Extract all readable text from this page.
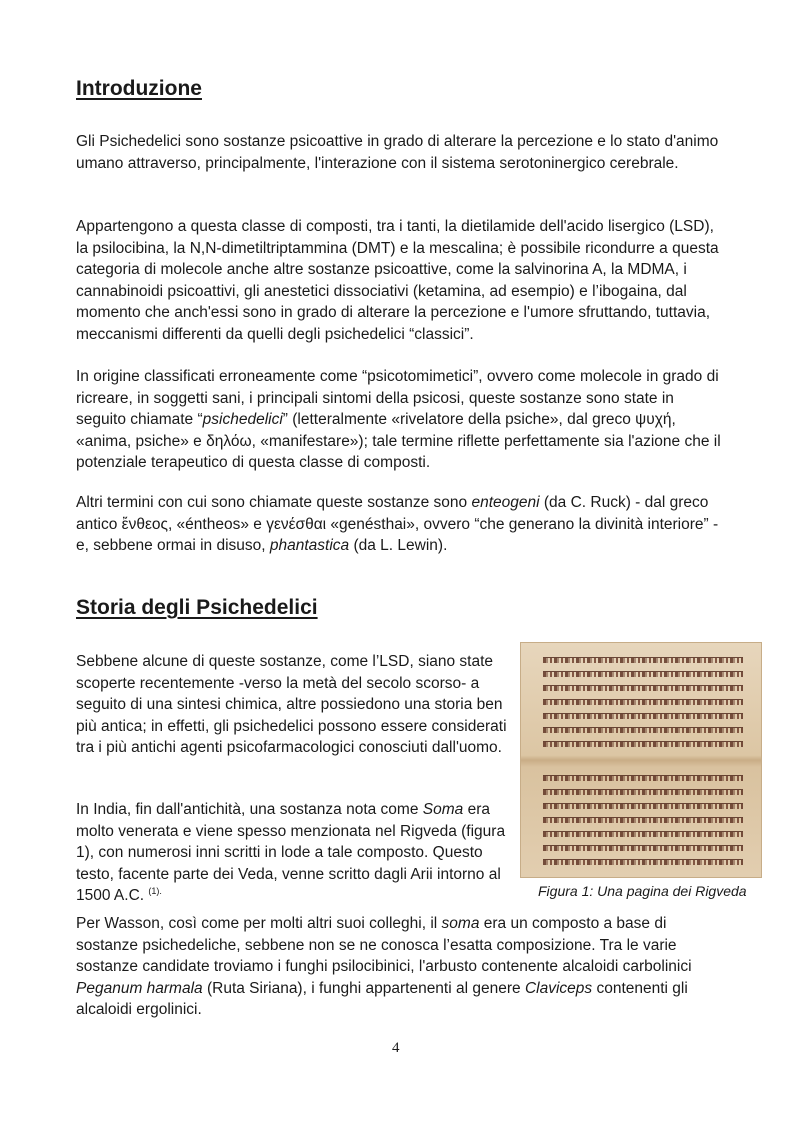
Introduzione

Gli Psichedelici sono sostanze psicoattive in grado di alterare la percezione e lo stato d'animo umano attraverso, principalmente, l'interazione con il sistema serotoninergico cerebrale.

Appartengono a questa classe di composti, tra i tanti, la dietilamide dell'acido lisergico (LSD), la psilocibina, la N,N-dimetiltriptammina (DMT) e la mescalina; è possibile ricondurre a questa categoria di molecole anche altre sostanze psicoattive, come la salvinorina A, la MDMA, i cannabinoidi psicoattivi, gli anestetici dissociativi (ketamina, ad esempio) e l’ibogaina, dal momento che anch'essi sono in grado di alterare la percezione e l'umore sfruttando, tuttavia, meccanismi differenti da quelli degli psichedelici “classici”.

In origine classificati erroneamente come “psicotomimetici”, ovvero come molecole in grado di ricreare, in soggetti sani, i principali sintomi della psicosi, queste sostanze sono state in seguito chiamate “psichedelici” (letteralmente «rivelatore della psiche», dal greco ψυχή, «anima, psiche» e δηλόω, «manifestare»); tale termine riflette perfettamente sia l'azione che il potenziale terapeutico di questa classe di composti.

Altri termini con cui sono chiamate queste sostanze sono enteogeni (da C. Ruck) - dal greco antico ἔνθεος, «éntheos» e γενέσθαι «genésthai», ovvero “che generano la divinità interiore” - e, sebbene ormai in disuso, phantastica (da L. Lewin).

Storia degli Psichedelici

Sebbene alcune di queste sostanze, come l’LSD, siano state scoperte recentemente -verso la metà del secolo scorso- a seguito di una sintesi chimica, altre possiedono una storia ben più antica; in effetti, gli psichedelici possono essere considerati tra i più antichi agenti psicofarmacologici conosciuti dall'uomo.

In India, fin dall'antichità, una sostanza nota come Soma era molto venerata e viene spesso menzionata nel Rigveda (figura 1), con numerosi inni scritti in lode a tale composto. Questo testo, facente parte dei Veda, venne scritto dagli Arii intorno al 1500 A.C. $^{(1).}$	Figura 1: Una pagina dei Rigveda

Per Wasson, così come per molti altri suoi colleghi, il soma era un composto a base di sostanze psichedeliche, sebbene non se ne conosca l’esatta composizione. Tra le varie sostanze candidate troviamo i funghi psilocibinici, l'arbusto contenente alcaloidi carbolinici Peganum harmala (Ruta Siriana), i funghi appartenenti al genere Claviceps contenenti gli alcaloidi ergolinici.

4
